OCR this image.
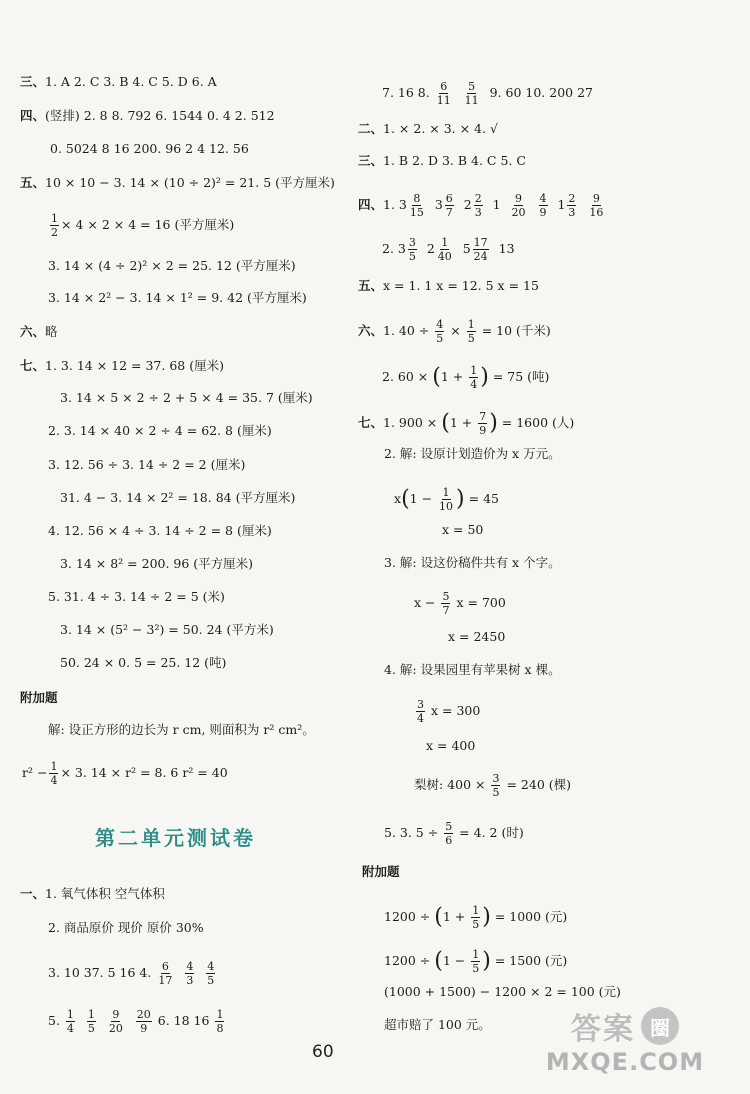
三、1. A 2. C 3. B 4. C 5. D 6. A
四、(竖排) 2. 8 8. 792 6. 1544 0. 4 2. 512
0. 5024 8 16 200. 96 2 4 12. 56
五、10 × 10 − 3. 14 × (10 ÷ 2)² = 21. 5 (平方厘米)
$\frac{1}{2} \times 4 \times 2 \times 4 = 16$ (平方厘米)
3. 14 × (4 ÷ 2)² × 2 = 25. 12 (平方厘米)
3. 14 × 2² − 3. 14 × 1² = 9. 42 (平方厘米)
六、略
七、1. 3. 14 × 12 = 37. 68 (厘米)
3. 14 × 5 × 2 ÷ 2 + 5 × 4 = 35. 7 (厘米)
2. 3. 14 × 40 × 2 ÷ 4 = 62. 8 (厘米)
3. 12. 56 ÷ 3. 14 ÷ 2 = 2 (厘米)
31. 4 − 3. 14 × 2² = 18. 84 (平方厘米)
4. 12. 56 × 4 ÷ 3. 14 ÷ 2 = 8 (厘米)
3. 14 × 8² = 200. 96 (平方厘米)
5. 31. 4 ÷ 3. 14 ÷ 2 = 5 (米)
3. 14 × (5² − 3²) = 50. 24 (平方米)
50. 24 × 0. 5 = 25. 12 (吨)
附加题
解: 设正方形的边长为 r cm, 则面积为 r² cm²。
$r^2 - \frac{1}{4} \times 3$. 14 × r² = 8. 6 r² = 40
第二单元测试卷
一、1. 氧气体积 空气体积
2. 商品原价 现价 原价 30%
3. 10 37. 5 16 4. $\frac{6}{17}$
$\frac{4}{3}$
$\frac{4}{5}$
5. $\frac{1}{4}$
$\frac{1}{5}$
$\frac{9}{20}$
$\frac{20}{9} 6$. 18 $16 \frac{1}{8}$
7. 16 8. $\frac{6}{11}$
$\frac{5}{11} 9$. 60 10. 200 27
二、1. × 2. × 3. × 4. √
三、1. B 2. D 3. B 4. C 5. C
四、1. $3 \frac{8}{15} 3 \frac{6}{7} 2 \frac{2}{3} 1 \frac{9}{20}$
$\frac{4}{9} 1 \frac{2}{3}$
$\frac{9}{16}$
2. $3 \frac{3}{5} 2 \frac{1}{40} 5 \frac{17}{24} 13$
五、x = 1. 1 x = 12. 5 x = 15
六、1. $40 \div \frac{4}{5} \times \frac{1}{5} = 10$ (千米)
2. $60 \times (1 + \frac{1}{4}$ ) = 75 (吨)
七、1. $900 \times (1 + \frac{7}{9}$ ) = 1600 (人)
2. 解: 设原计划造价为 x 万元。
$x(1 - \frac{1}{10}$ ) = 45
x = 50
3. 解: 设这份稿件共有 x 个字。
$x - \frac{5}{7}$ x = 700
x = 2450
4. 解: 设果园里有苹果树 x 棵。
$\frac{3}{4}$ x = 300
x = 400
梨树: $400 \times \frac{3}{5} = 240$ (棵)
5. 3. $5 \div \frac{5}{6} = 4$. 2 (时)
附加题
$1200 \div (1 + \frac{1}{5}$ ) = 1000 (元)
$1200 \div (1 - \frac{1}{5}$ ) = 1500 (元)
(1000 + 1500) − 1200 × 2 = 100 (元)
超市赔了 100 元。
60
答案 圈
MXQE.COM
